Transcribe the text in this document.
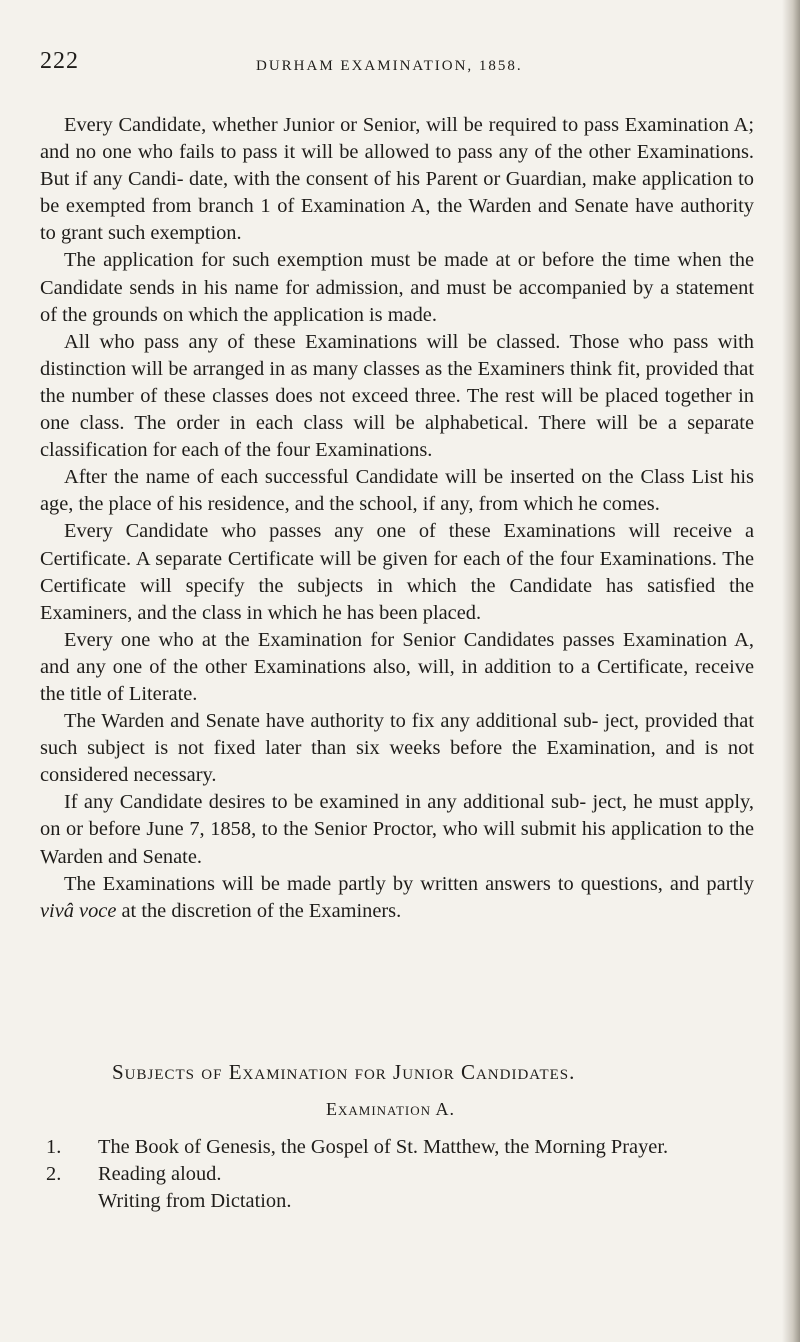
222	DURHAM EXAMINATION, 1858.

Every Candidate, whether Junior or Senior, will be required to pass Examination A; and no one who fails to pass it will be allowed to pass any of the other Examinations. But if any Candi- date, with the consent of his Parent or Guardian, make application to be exempted from branch 1 of Examination A, the Warden and Senate have authority to grant such exemption.

The application for such exemption must be made at or before the time when the Candidate sends in his name for admission, and must be accompanied by a statement of the grounds on which the application is made.

All who pass any of these Examinations will be classed. Those who pass with distinction will be arranged in as many classes as the Examiners think fit, provided that the number of these classes does not exceed three. The rest will be placed together in one class. The order in each class will be alphabetical. There will be a separate classification for each of the four Examinations.

After the name of each successful Candidate will be inserted on the Class List his age, the place of his residence, and the school, if any, from which he comes.

Every Candidate who passes any one of these Examinations will receive a Certificate. A separate Certificate will be given for each of the four Examinations. The Certificate will specify the subjects in which the Candidate has satisfied the Examiners, and the class in which he has been placed.

Every one who at the Examination for Senior Candidates passes Examination A, and any one of the other Examinations also, will, in addition to a Certificate, receive the title of Literate.

The Warden and Senate have authority to fix any additional sub- ject, provided that such subject is not fixed later than six weeks before the Examination, and is not considered necessary.

If any Candidate desires to be examined in any additional sub- ject, he must apply, on or before June 7, 1858, to the Senior Proctor, who will submit his application to the Warden and Senate.

The Examinations will be made partly by written answers to questions, and partly vivâ voce at the discretion of the Examiners.

Subjects of Examination for Junior Candidates.
Examination A.
1.	The Book of Genesis, the Gospel of St. Matthew, the Morning Prayer.
2.	Reading aloud.
Writing from Dictation.
